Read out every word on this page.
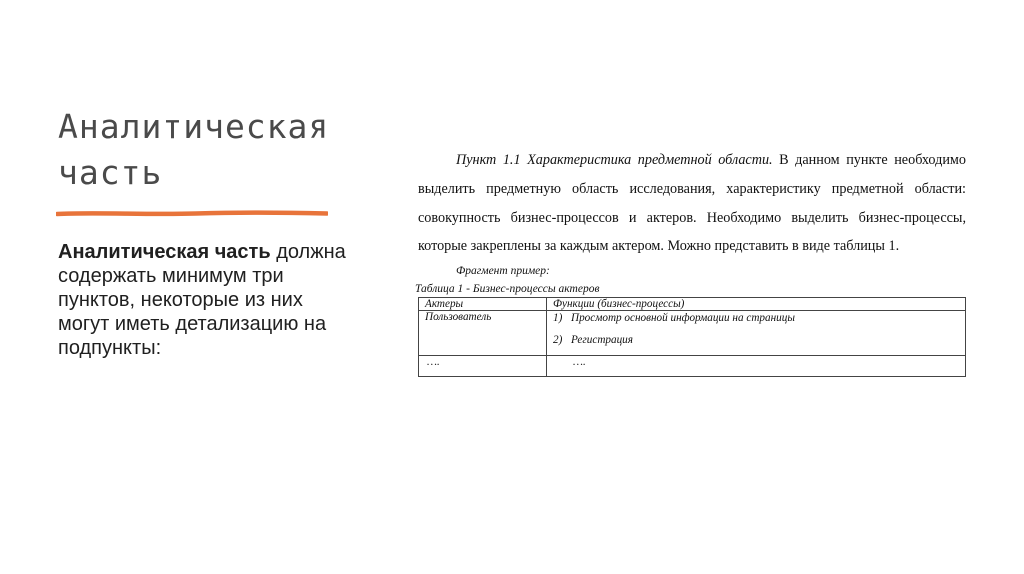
Аналитическая часть
Аналитическая часть должна содержать минимум три пунктов, некоторые из них могут иметь детализацию на подпункты:

Пункт 1.1 Характеристика предметной области. В данном пункте необходимо выделить предметную область исследования, характеристику предметной области: совокупность бизнес-процессов и актеров. Необходимо выделить бизнес-процессы, которые закреплены за каждым актером. Можно представить в виде таблицы 1.

Фрагмент пример:
Таблица 1 - Бизнес-процессы актеров
Актеры	Функции (бизнес-процессы)
Пользователь	1) Просмотр основной информации на страницы
2) Регистрация

….	….
